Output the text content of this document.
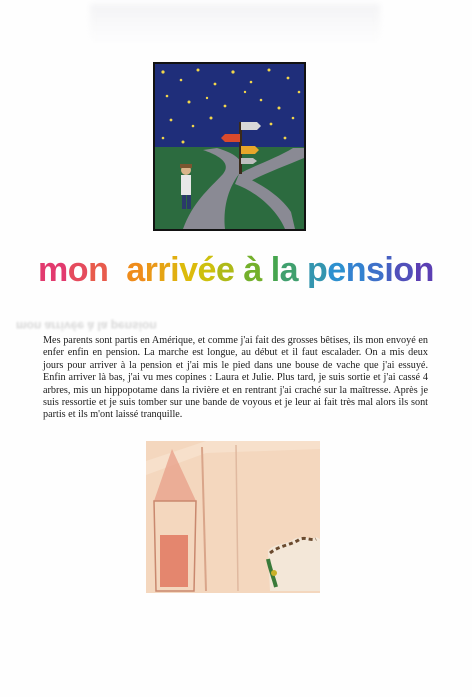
mon arrivée à la pension
mon arrivée à la pension

Mes parents sont partis en Amérique, et comme j'ai fait des grosses bêtises, ils mon envoyé en enfer enfin en pension. La marche est longue, au début et il faut escalader. On a mis deux jours pour arriver à la pension et j'ai mis le pied dans une bouse de vache que j'ai essuyé. Enfin arriver là bas, j'ai vu mes copines : Laura et Julie. Plus tard, je suis sortie et j'ai cassé 4 arbres, mis un hippopotame dans la rivière et en rentrant j'ai craché sur la maîtresse. Après je suis ressortie et je suis tomber sur une bande de voyous et je leur ai fait très mal alors ils sont partis et ils m'ont laissé tranquille.
